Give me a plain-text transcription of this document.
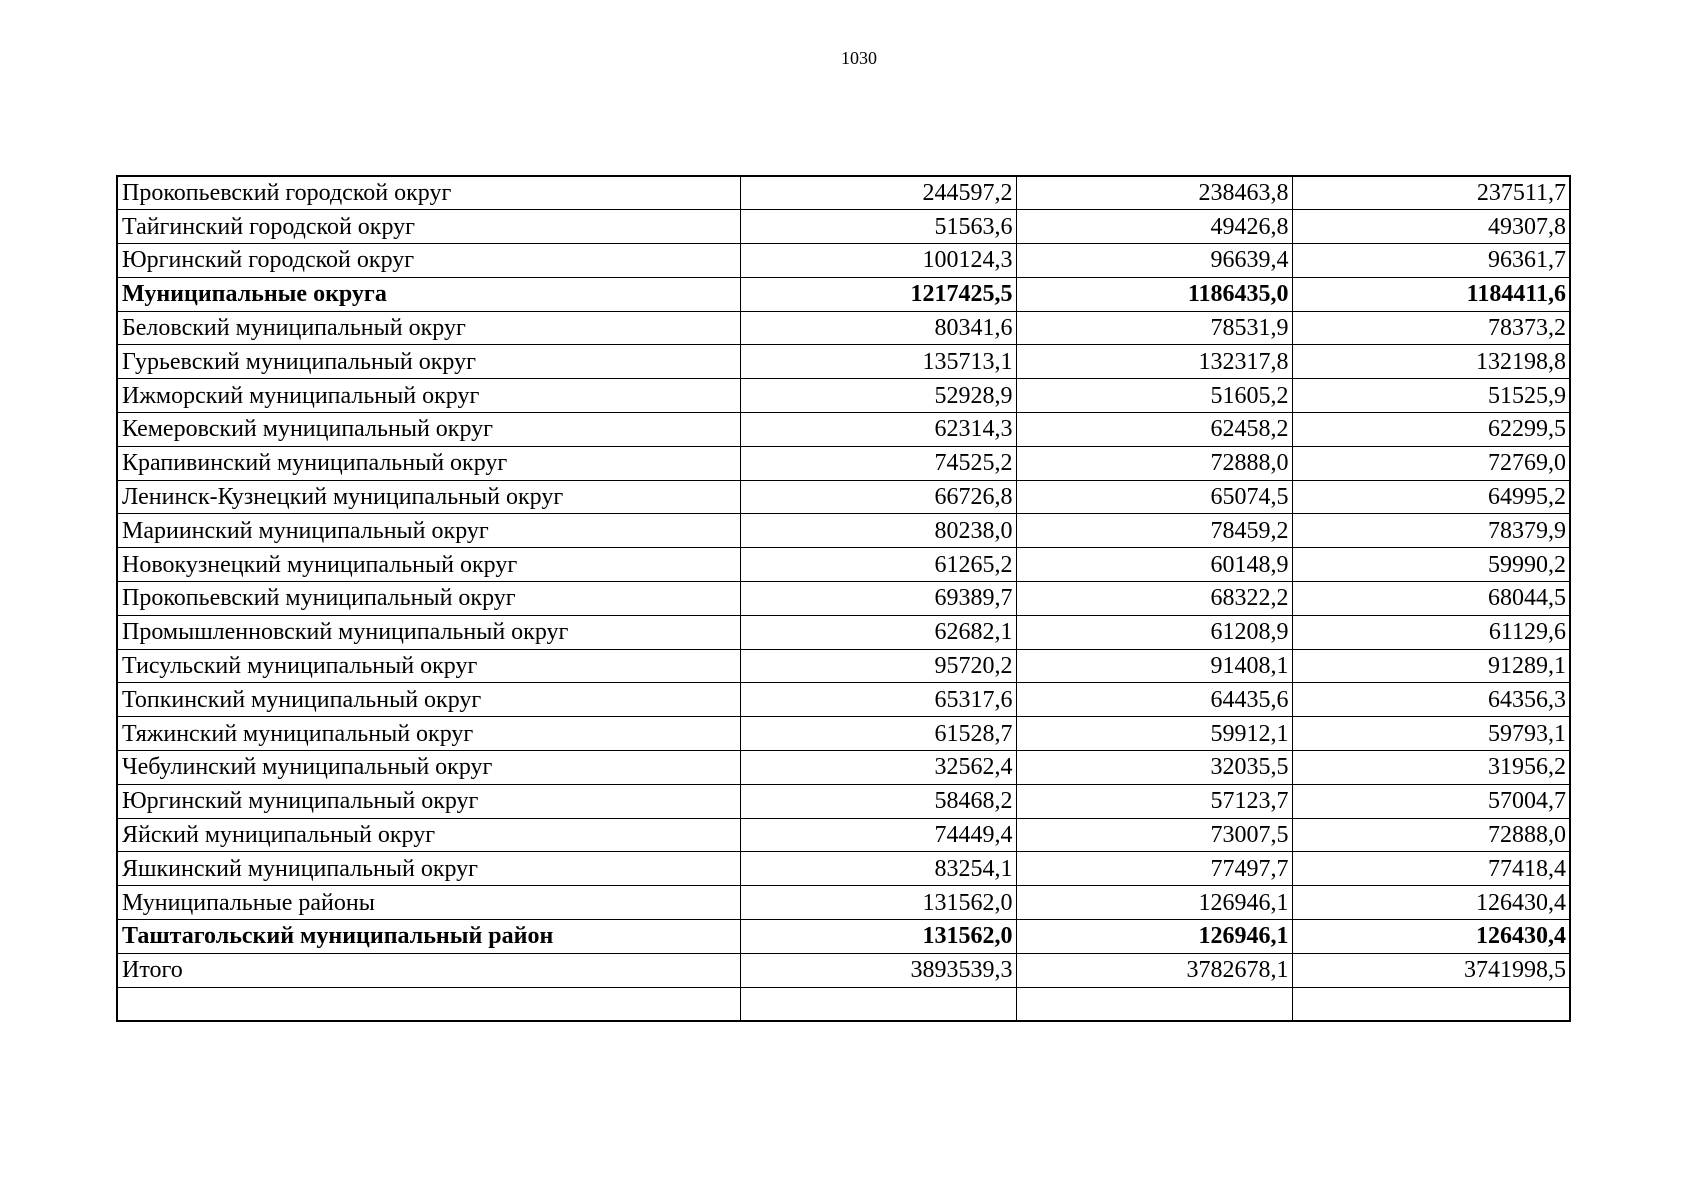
1030
Прокопьевский городской округ	244597,2	238463,8	237511,7
Тайгинский городской округ	51563,6	49426,8	49307,8
Юргинский городской округ	100124,3	96639,4	96361,7
Муниципальные округа	1217425,5	1186435,0	1184411,6
Беловский муниципальный округ	80341,6	78531,9	78373,2
Гурьевский муниципальный округ	135713,1	132317,8	132198,8
Ижморский муниципальный округ	52928,9	51605,2	51525,9
Кемеровский муниципальный округ	62314,3	62458,2	62299,5
Крапивинский муниципальный округ	74525,2	72888,0	72769,0
Ленинск-Кузнецкий муниципальный округ	66726,8	65074,5	64995,2
Мариинский муниципальный округ	80238,0	78459,2	78379,9
Новокузнецкий муниципальный округ	61265,2	60148,9	59990,2
Прокопьевский муниципальный округ	69389,7	68322,2	68044,5
Промышленновский муниципальный округ	62682,1	61208,9	61129,6
Тисульский муниципальный округ	95720,2	91408,1	91289,1
Топкинский муниципальный округ	65317,6	64435,6	64356,3
Тяжинский муниципальный округ	61528,7	59912,1	59793,1
Чебулинский муниципальный округ	32562,4	32035,5	31956,2
Юргинский муниципальный округ	58468,2	57123,7	57004,7
Яйский муниципальный округ	74449,4	73007,5	72888,0
Яшкинский муниципальный округ	83254,1	77497,7	77418,4
Муниципальные районы	131562,0	126946,1	126430,4
Таштагольский муниципальный район	131562,0	126946,1	126430,4
Итого	3893539,3	3782678,1	3741998,5
